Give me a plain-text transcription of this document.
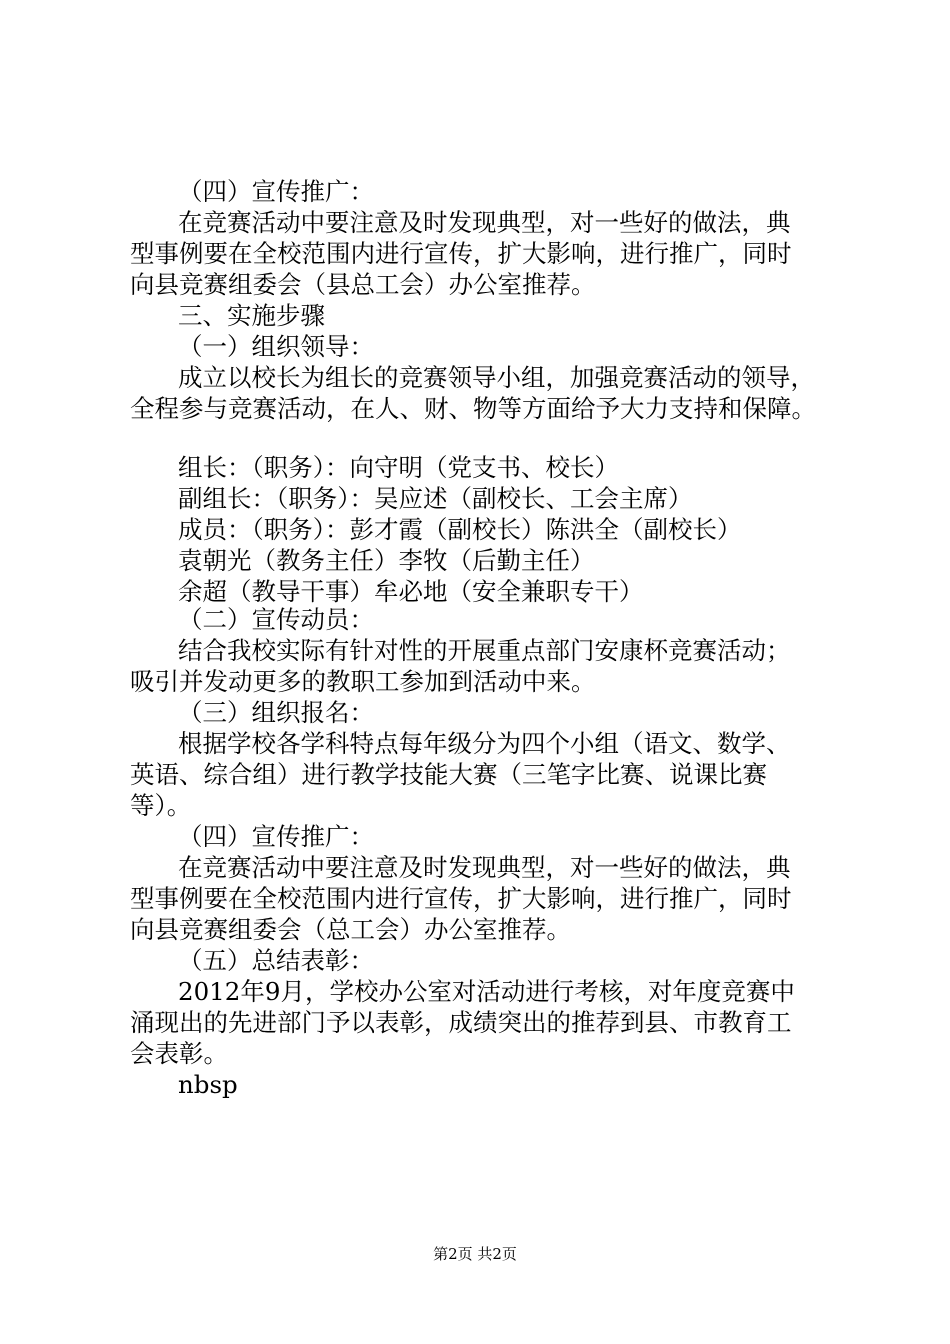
（四）宣传推广：
在竞赛活动中要注意及时发现典型，对一些好的做法，典
型事例要在全校范围内进行宣传，扩大影响，进行推广，同时
向县竞赛组委会（县总工会）办公室推荐。
三、实施步骤
（一）组织领导：
成立以校长为组长的竞赛领导小组，加强竞赛活动的领导，
全程参与竞赛活动，在人、财、物等方面给予大力支持和保障。
组长：（职务）：向守明（党支书、校长）
副组长：（职务）：吴应述（副校长、工会主席）
成员：（职务）：彭才霞（副校长）陈洪全（副校长）
袁朝光（教务主任）李牧（后勤主任）
余超（教导干事）牟必地（安全兼职专干）
（二）宣传动员：
结合我校实际有针对性的开展重点部门安康杯竞赛活动；
吸引并发动更多的教职工参加到活动中来。
（三）组织报名：
根据学校各学科特点每年级分为四个小组（语文、数学、
英语、综合组）进行教学技能大赛（三笔字比赛、说课比赛
等）。
（四）宣传推广：
在竞赛活动中要注意及时发现典型，对一些好的做法，典
型事例要在全校范围内进行宣传，扩大影响，进行推广，同时
向县竞赛组委会（总工会）办公室推荐。
（五）总结表彰：
2012年9月，学校办公室对活动进行考核，对年度竞赛中
涌现出的先进部门予以表彰，成绩突出的推荐到县、市教育工
会表彰。
nbsp
第2页 共2页
